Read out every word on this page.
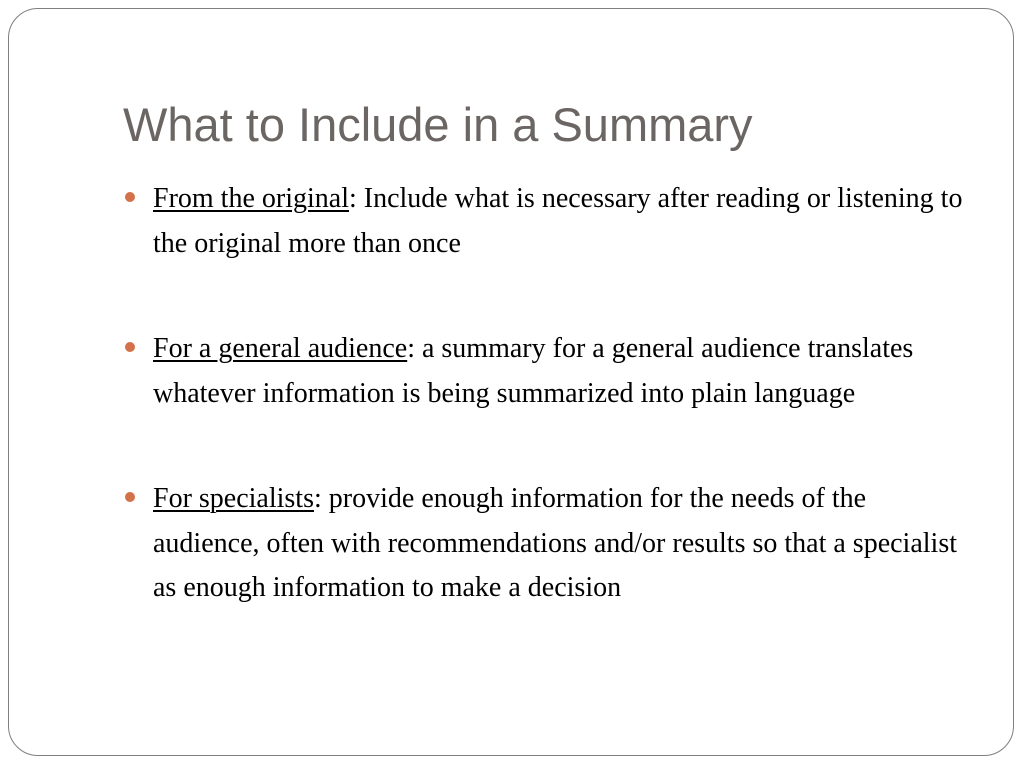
What to Include in a Summary
From the original: Include what is necessary after reading or listening to the original more than once
For a general audience: a summary for a general audience translates whatever information is being summarized into plain language
For specialists: provide enough information for the needs of the audience, often with recommendations and/or results so that a specialist as enough information to make a decision
